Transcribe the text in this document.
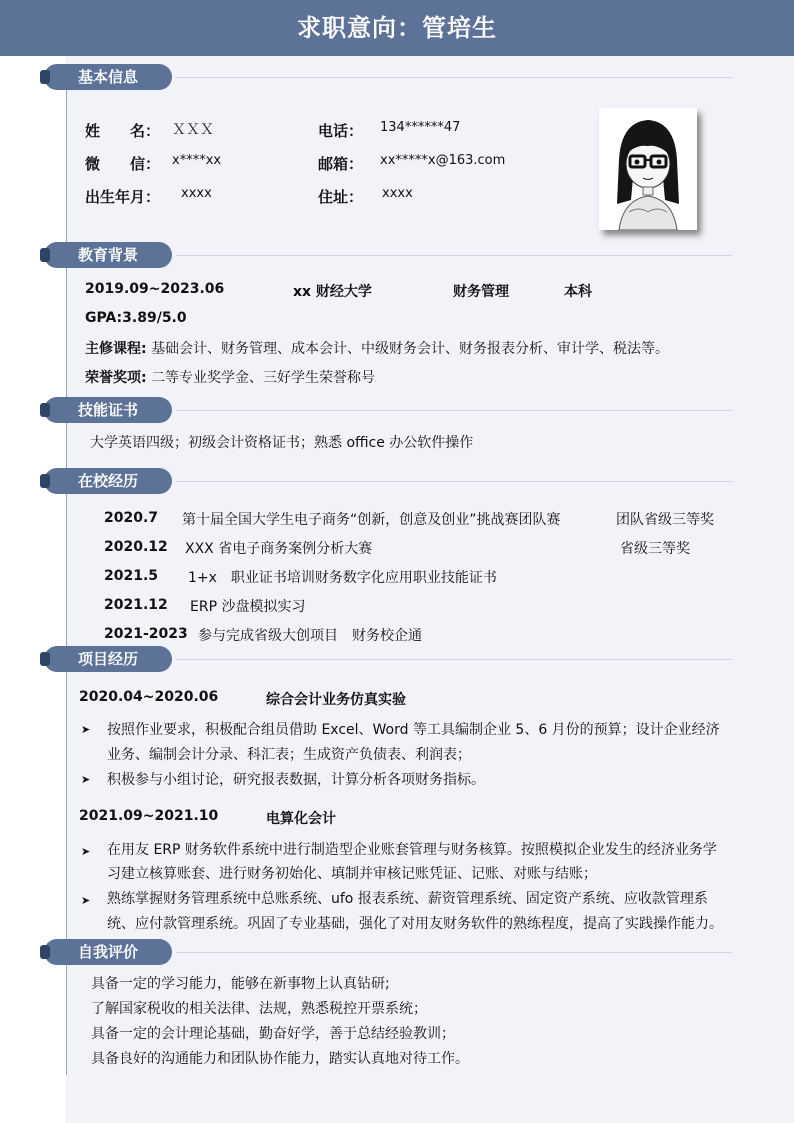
求职意向：管培生
基本信息
姓　　名： ＸＸＸ
微　　信： x****xx
出生年月： xxxx
电话： 134******47
邮箱： xx*****x@163.com
住址： xxxx
教育背景
2019.09~2023.06	xx 财经大学	财务管理	本科
GPA:3.89/5.0
主修课程: 基础会计、财务管理、成本会计、中级财务会计、财务报表分析、审计学、税法等。
荣誉奖项: 二等专业奖学金、三好学生荣誉称号
技能证书
大学英语四级；初级会计资格证书；熟悉 office 办公软件操作
在校经历
2020.7 第十届全国大学生电子商务“创新，创意及创业”挑战赛团队赛	团队省级三等奖
2020.12 XXX 省电子商务案例分析大赛	省级三等奖
2021.5 1+x　职业证书培训财务数字化应用职业技能证书
2021.12 ERP 沙盘模拟实习
2021-2023 参与完成省级大创项目　财务校企通
项目经历
2020.04~2020.06	综合会计业务仿真实验
➤ 按照作业要求，积极配合组员借助 Excel、Word 等工具编制企业 5、6 月份的预算；设计企业经济
业务、编制会计分录、科汇表；生成资产负债表、利润表；
➤ 积极参与小组讨论，研究报表数据，计算分析各项财务指标。
2021.09~2021.10	电算化会计
➤ 在用友 ERP 财务软件系统中进行制造型企业账套管理与财务核算。按照模拟企业发生的经济业务学
习建立核算账套、进行财务初始化、填制并审核记账凭证、记账、对账与结账；
➤ 熟练掌握财务管理系统中总账系统、ufo 报表系统、薪资管理系统、固定资产系统、应收款管理系
统、应付款管理系统。巩固了专业基础，强化了对用友财务软件的熟练程度，提高了实践操作能力。
自我评价
具备一定的学习能力，能够在新事物上认真钻研;
了解国家税收的相关法律、法规，熟悉税控开票系统；
具备一定的会计理论基础，勤奋好学，善于总结经验教训；
具备良好的沟通能力和团队协作能力，踏实认真地对待工作。
